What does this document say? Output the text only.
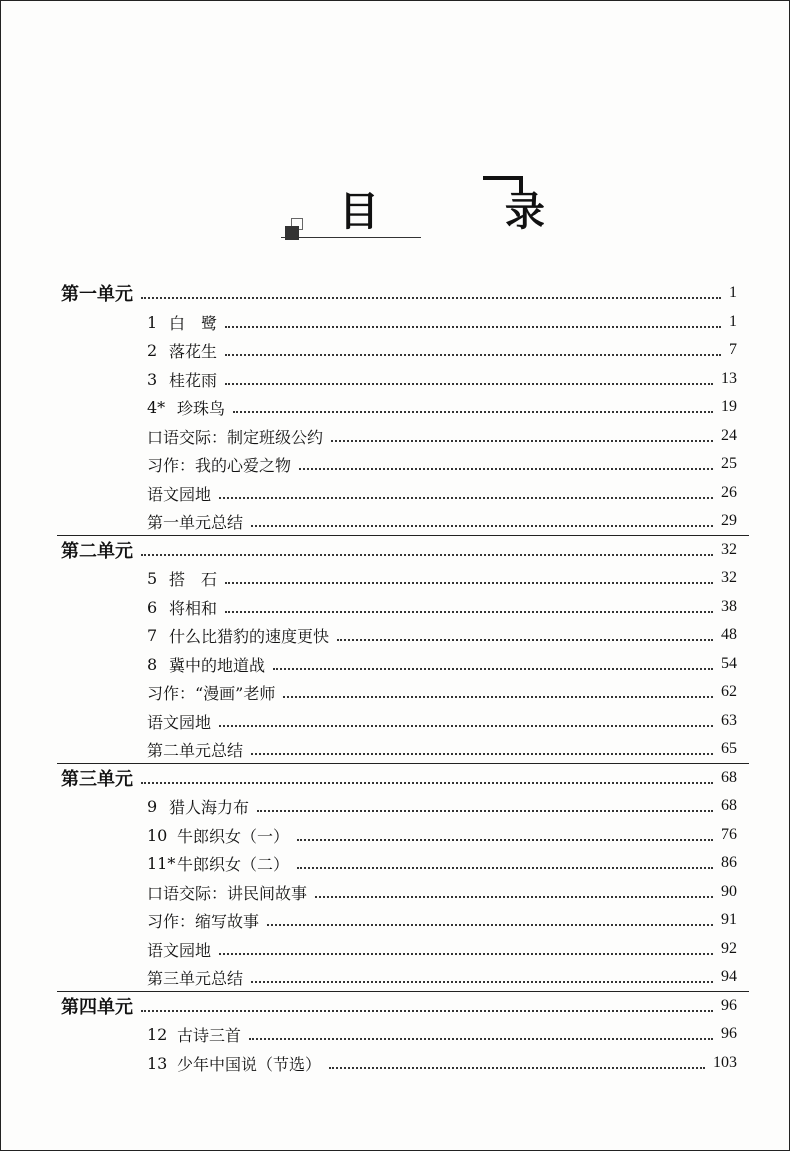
目 录
第一单元	1
1 白　鹭	1
2 落花生	7
3 桂花雨	13
4* 珍珠鸟	19
口语交际：制定班级公约	24
习作：我的心爱之物	25
语文园地	26
第一单元总结	29
第二单元	32
5 搭　石	32
6 将相和	38
7 什么比猎豹的速度更快	48
8 冀中的地道战	54
习作：“漫画”老师	62
语文园地	63
第二单元总结	65
第三单元	68
9 猎人海力布	68
10 牛郎织女（一）	76
11* 牛郎织女（二）	86
口语交际：讲民间故事	90
习作：缩写故事	91
语文园地	92
第三单元总结	94
第四单元	96
12 古诗三首	96
13 少年中国说（节选）	103
